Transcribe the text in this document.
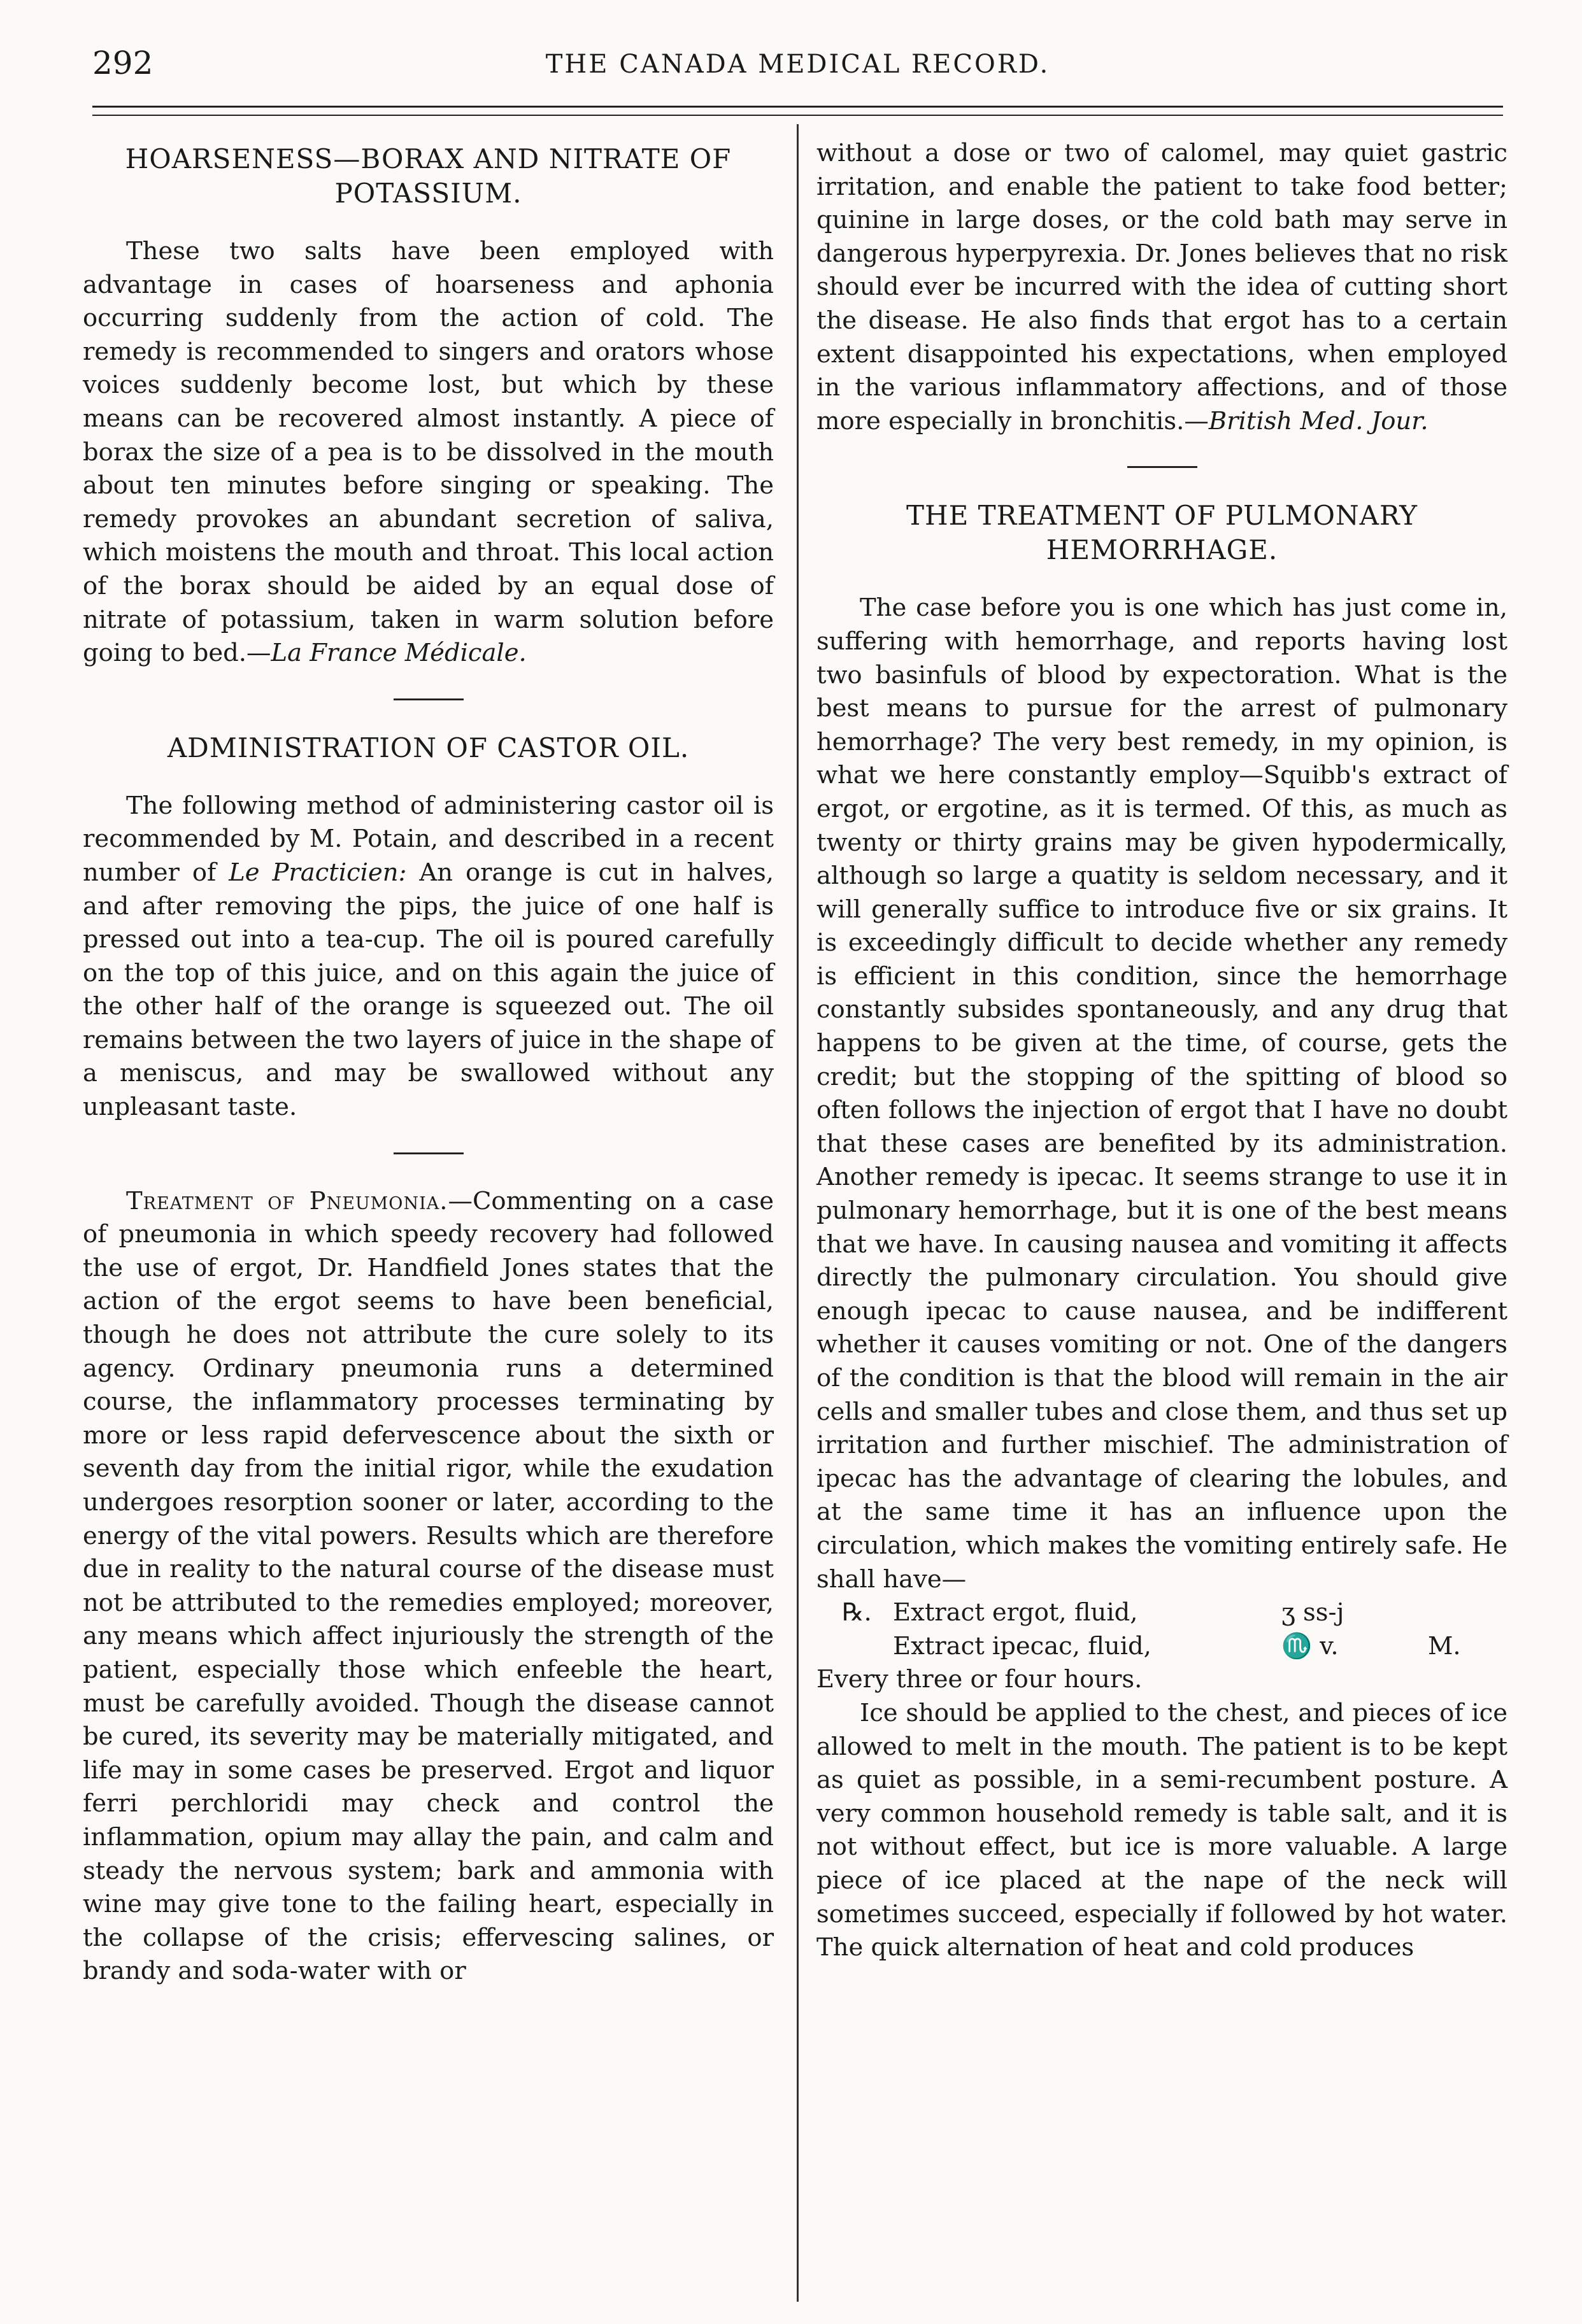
292	THE CANADA MEDICAL RECORD.
HOARSENESS—BORAX AND NITRATE OF POTASSIUM.

These two salts have been employed with advantage in cases of hoarseness and aphonia occurring suddenly from the action of cold. The remedy is recommended to singers and orators whose voices suddenly become lost, but which by these means can be recovered almost instantly. A piece of borax the size of a pea is to be dissolved in the mouth about ten minutes before singing or speaking. The remedy provokes an abundant secretion of saliva, which moistens the mouth and throat. This local action of the borax should be aided by an equal dose of nitrate of potassium, taken in warm solution before going to bed.—La France Médicale.

ADMINISTRATION OF CASTOR OIL.

The following method of administering castor oil is recommended by M. Potain, and described in a recent number of Le Practicien: An orange is cut in halves, and after removing the pips, the juice of one half is pressed out into a tea-cup. The oil is poured carefully on the top of this juice, and on this again the juice of the other half of the orange is squeezed out. The oil remains between the two layers of juice in the shape of a meniscus, and may be swallowed without any unpleasant taste.

Treatment of Pneumonia.—Commenting on a case of pneumonia in which speedy recovery had followed the use of ergot, Dr. Handfield Jones states that the action of the ergot seems to have been beneficial, though he does not attribute the cure solely to its agency. Ordinary pneumonia runs a determined course, the inflammatory processes terminating by more or less rapid defervescence about the sixth or seventh day from the initial rigor, while the exudation undergoes resorption sooner or later, according to the energy of the vital powers. Results which are therefore due in reality to the natural course of the disease must not be attributed to the remedies employed; moreover, any means which affect injuriously the strength of the patient, especially those which enfeeble the heart, must be carefully avoided. Though the disease cannot be cured, its severity may be materially mitigated, and life may in some cases be preserved. Ergot and liquor ferri perchloridi may check and control the inflammation, opium may allay the pain, and calm and steady the nervous system; bark and ammonia with wine may give tone to the failing heart, especially in the collapse of the crisis; effervescing salines, or brandy and soda-water with or

without a dose or two of calomel, may quiet gastric irritation, and enable the patient to take food better; quinine in large doses, or the cold bath may serve in dangerous hyperpyrexia. Dr. Jones believes that no risk should ever be incurred with the idea of cutting short the disease. He also finds that ergot has to a certain extent disappointed his expectations, when employed in the various inflammatory affections, and of those more especially in bronchitis.—British Med. Jour.

THE TREATMENT OF PULMONARY HEMORRHAGE.

The case before you is one which has just come in, suffering with hemorrhage, and reports having lost two basinfuls of blood by expectoration. What is the best means to pursue for the arrest of pulmonary hemorrhage? The very best remedy, in my opinion, is what we here constantly employ—Squibb's extract of ergot, or ergotine, as it is termed. Of this, as much as twenty or thirty grains may be given hypodermically, although so large a quatity is seldom necessary, and it will generally suffice to introduce five or six grains. It is exceedingly difficult to decide whether any remedy is efficient in this condition, since the hemorrhage constantly subsides spontaneously, and any drug that happens to be given at the time, of course, gets the credit; but the stopping of the spitting of blood so often follows the injection of ergot that I have no doubt that these cases are benefited by its administration. Another remedy is ipecac. It seems strange to use it in pulmonary hemorrhage, but it is one of the best means that we have. In causing nausea and vomiting it affects directly the pulmonary circulation. You should give enough ipecac to cause nausea, and be indifferent whether it causes vomiting or not. One of the dangers of the condition is that the blood will remain in the air cells and smaller tubes and close them, and thus set up irritation and further mischief. The administration of ipecac has the advantage of clearing the lobules, and at the same time it has an influence upon the circulation, which makes the vomiting entirely safe. He shall have—

℞. Extract ergot, fluid,	ʒ ss-j
Extract ipecac, fluid,	♏ v.	M.

Every three or four hours.

Ice should be applied to the chest, and pieces of ice allowed to melt in the mouth. The patient is to be kept as quiet as possible, in a semi-recumbent posture. A very common household remedy is table salt, and it is not without effect, but ice is more valuable. A large piece of ice placed at the nape of the neck will sometimes succeed, especially if followed by hot water. The quick alternation of heat and cold produces
